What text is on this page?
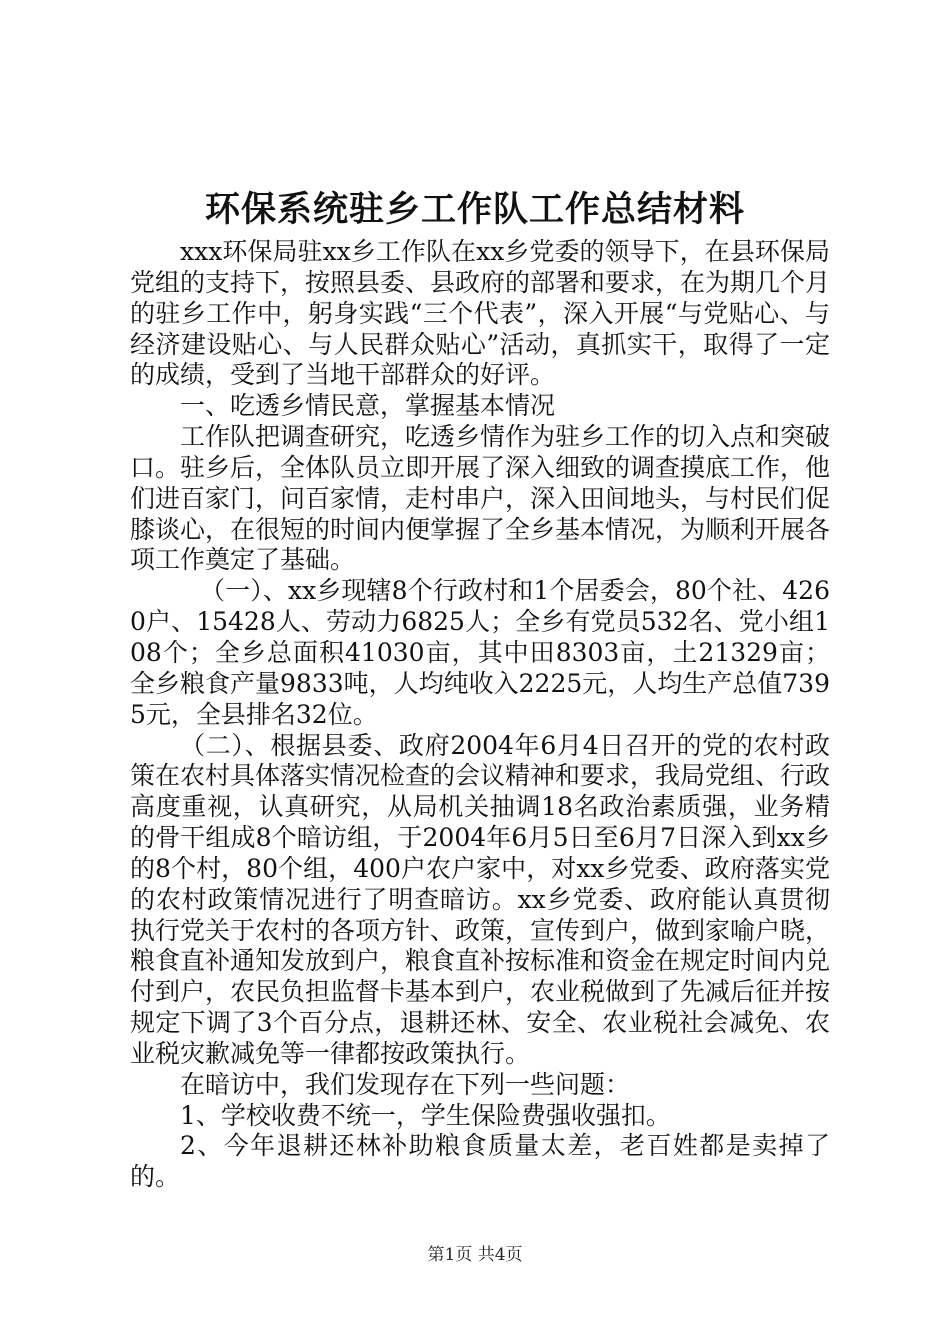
环保系统驻乡工作队工作总结材料

xxx环保局驻xx乡工作队在xx乡党委的领导下，在县环保局党组的支持下，按照县委、县政府的部署和要求，在为期几个月的驻乡工作中，躬身实践“三个代表”，深入开展“与党贴心、与经济建设贴心、与人民群众贴心”活动，真抓实干，取得了一定的成绩，受到了当地干部群众的好评。

一、吃透乡情民意，掌握基本情况

工作队把调查研究，吃透乡情作为驻乡工作的切入点和突破口。驻乡后，全体队员立即开展了深入细致的调查摸底工作，他们进百家门，问百家情，走村串户，深入田间地头，与村民们促膝谈心，在很短的时间内便掌握了全乡基本情况，为顺利开展各项工作奠定了基础。

（一）、xx乡现辖8个行政村和1个居委会，80个社、4260户、15428人、劳动力6825人；全乡有党员532名、党小组108个；全乡总面积41030亩，其中田8303亩，土21329亩；全乡粮食产量9833吨，人均纯收入2225元，人均生产总值7395元，全县排名32位。

（二）、根据县委、政府2004年6月4日召开的党的农村政策在农村具体落实情况检查的会议精神和要求，我局党组、行政高度重视，认真研究，从局机关抽调18名政治素质强，业务精的骨干组成8个暗访组，于2004年6月5日至6月7日深入到xx乡的8个村，80个组，400户农户家中，对xx乡党委、政府落实党的农村政策情况进行了明查暗访。xx乡党委、政府能认真贯彻执行党关于农村的各项方针、政策，宣传到户，做到家喻户晓，粮食直补通知发放到户，粮食直补按标准和资金在规定时间内兑付到户，农民负担监督卡基本到户，农业税做到了先减后征并按规定下调了3个百分点，退耕还林、安全、农业税社会减免、农业税灾歉减免等一律都按政策执行。

在暗访中，我们发现存在下列一些问题：

1、学校收费不统一，学生保险费强收强扣。

2、今年退耕还林补助粮食质量太差，老百姓都是卖掉了的。

第1页 共4页
